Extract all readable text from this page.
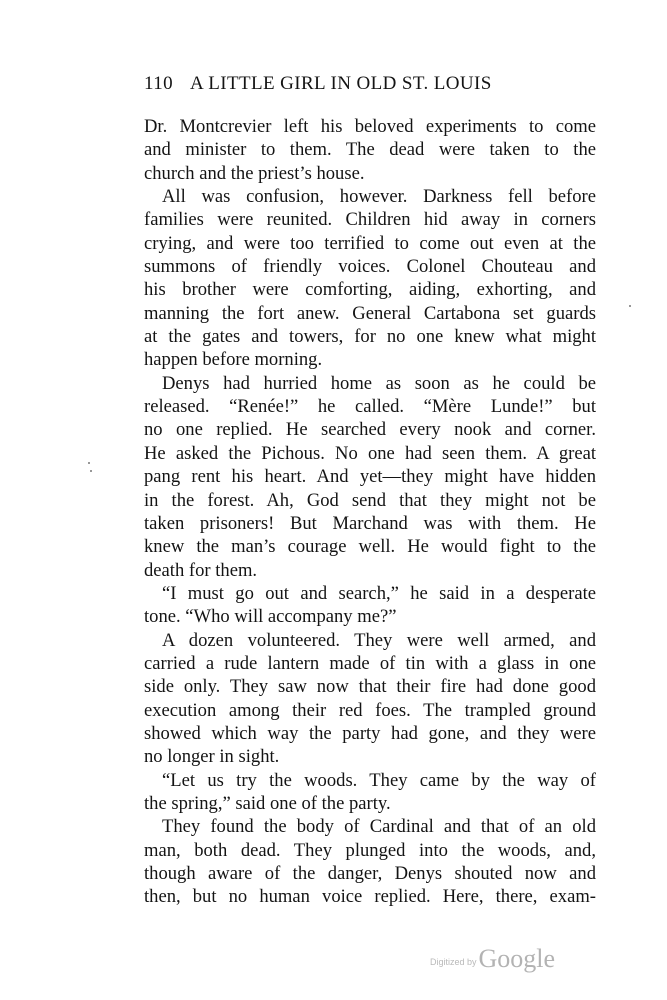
110 A LITTLE GIRL IN OLD ST. LOUIS
Dr. Montcrevier left his beloved experiments to come
and minister to them. The dead were taken to the
church and the priest’s house.
All was confusion, however. Darkness fell before
families were reunited. Children hid away in corners
crying, and were too terrified to come out even at the
summons of friendly voices. Colonel Chouteau and
his brother were comforting, aiding, exhorting, and
manning the fort anew. General Cartabona set guards
at the gates and towers, for no one knew what might
happen before morning.
Denys had hurried home as soon as he could be
released. “Renée!” he called. “Mère Lunde!” but
no one replied. He searched every nook and corner.
He asked the Pichous. No one had seen them. A great
pang rent his heart. And yet—they might have hidden
in the forest. Ah, God send that they might not be
taken prisoners! But Marchand was with them. He
knew the man’s courage well. He would fight to the
death for them.
“I must go out and search,” he said in a desperate
tone. “Who will accompany me?”
A dozen volunteered. They were well armed, and
carried a rude lantern made of tin with a glass in one
side only. They saw now that their fire had done good
execution among their red foes. The trampled ground
showed which way the party had gone, and they were
no longer in sight.
“Let us try the woods. They came by the way of
the spring,” said one of the party.
They found the body of Cardinal and that of an old
man, both dead. They plunged into the woods, and,
though aware of the danger, Denys shouted now and
then, but no human voice replied. Here, there, exam-
Digitized byGoogle
